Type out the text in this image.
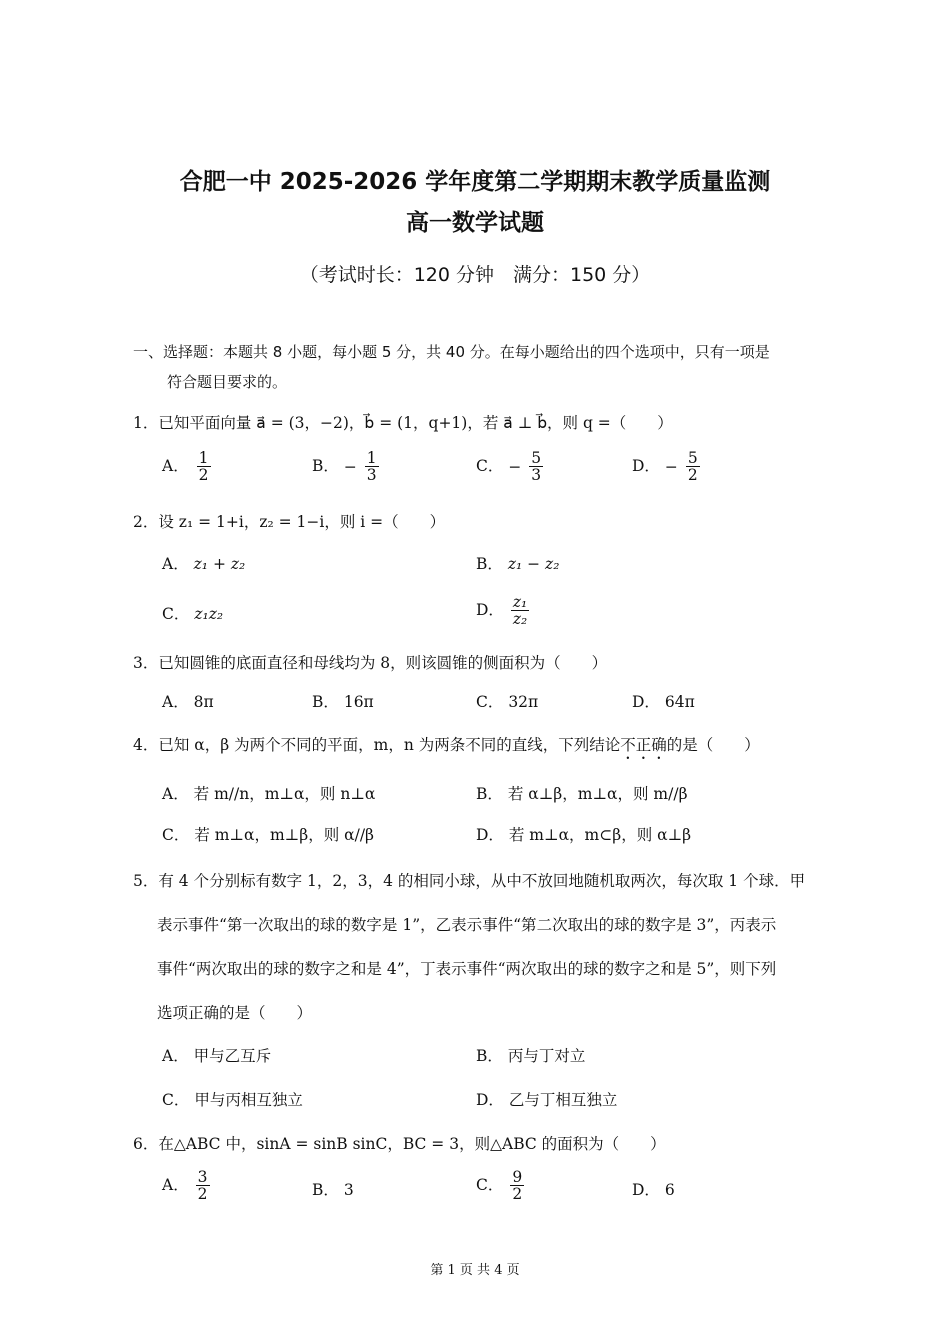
合肥一中 2025-2026 学年度第二学期期末教学质量监测
高一数学试题
（考试时长：120 分钟　满分：150 分）
一、选择题：本题共 8 小题，每小题 5 分，共 40 分。在每小题给出的四个选项中，只有一项是
符合题目要求的。
1．已知平面向量 a⃗ = (3，−2)，b⃗ = (1，q+1)，若 a⃗ ⊥ b⃗，则 q =（　　）
A． $\frac{1}{2}$	B． − $\frac{1}{3}$	C． − $\frac{5}{3}$	D． − $\frac{5}{2}$
2．设 z₁ = 1+i，z₂ = 1−i，则 i =（　　）
A． z₁ + z₂	B． z₁ − z₂
C． z₁z₂	D． $\frac{\text{z₁}}{\text{z₂}}$
3．已知圆锥的底面直径和母线均为 8，则该圆锥的侧面积为（　　）
A． 8π	B． 16π	C． 32π	D． 64π
4．已知 α，β 为两个不同的平面，m，n 为两条不同的直线，下列结论不正确的是（　　）
A． 若 m//n，m⊥α，则 n⊥α	B． 若 α⊥β，m⊥α，则 m//β
C． 若 m⊥α，m⊥β，则 α//β	D． 若 m⊥α，m⊂β，则 α⊥β
5．有 4 个分别标有数字 1，2，3，4 的相同小球，从中不放回地随机取两次，每次取 1 个球．甲
表示事件“第一次取出的球的数字是 1”，乙表示事件“第二次取出的球的数字是 3”，丙表示
事件“两次取出的球的数字之和是 4”，丁表示事件“两次取出的球的数字之和是 5”，则下列
选项正确的是（　　）
A． 甲与乙互斥	B． 丙与丁对立
C． 甲与丙相互独立	D． 乙与丁相互独立
6．在△ABC 中，sinA = sinB sinC，BC = 3，则△ABC 的面积为（　　）
A． $\frac{3}{2}$	B． 3	C． $\frac{9}{2}$	D． 6
第 1 页 共 4 页
